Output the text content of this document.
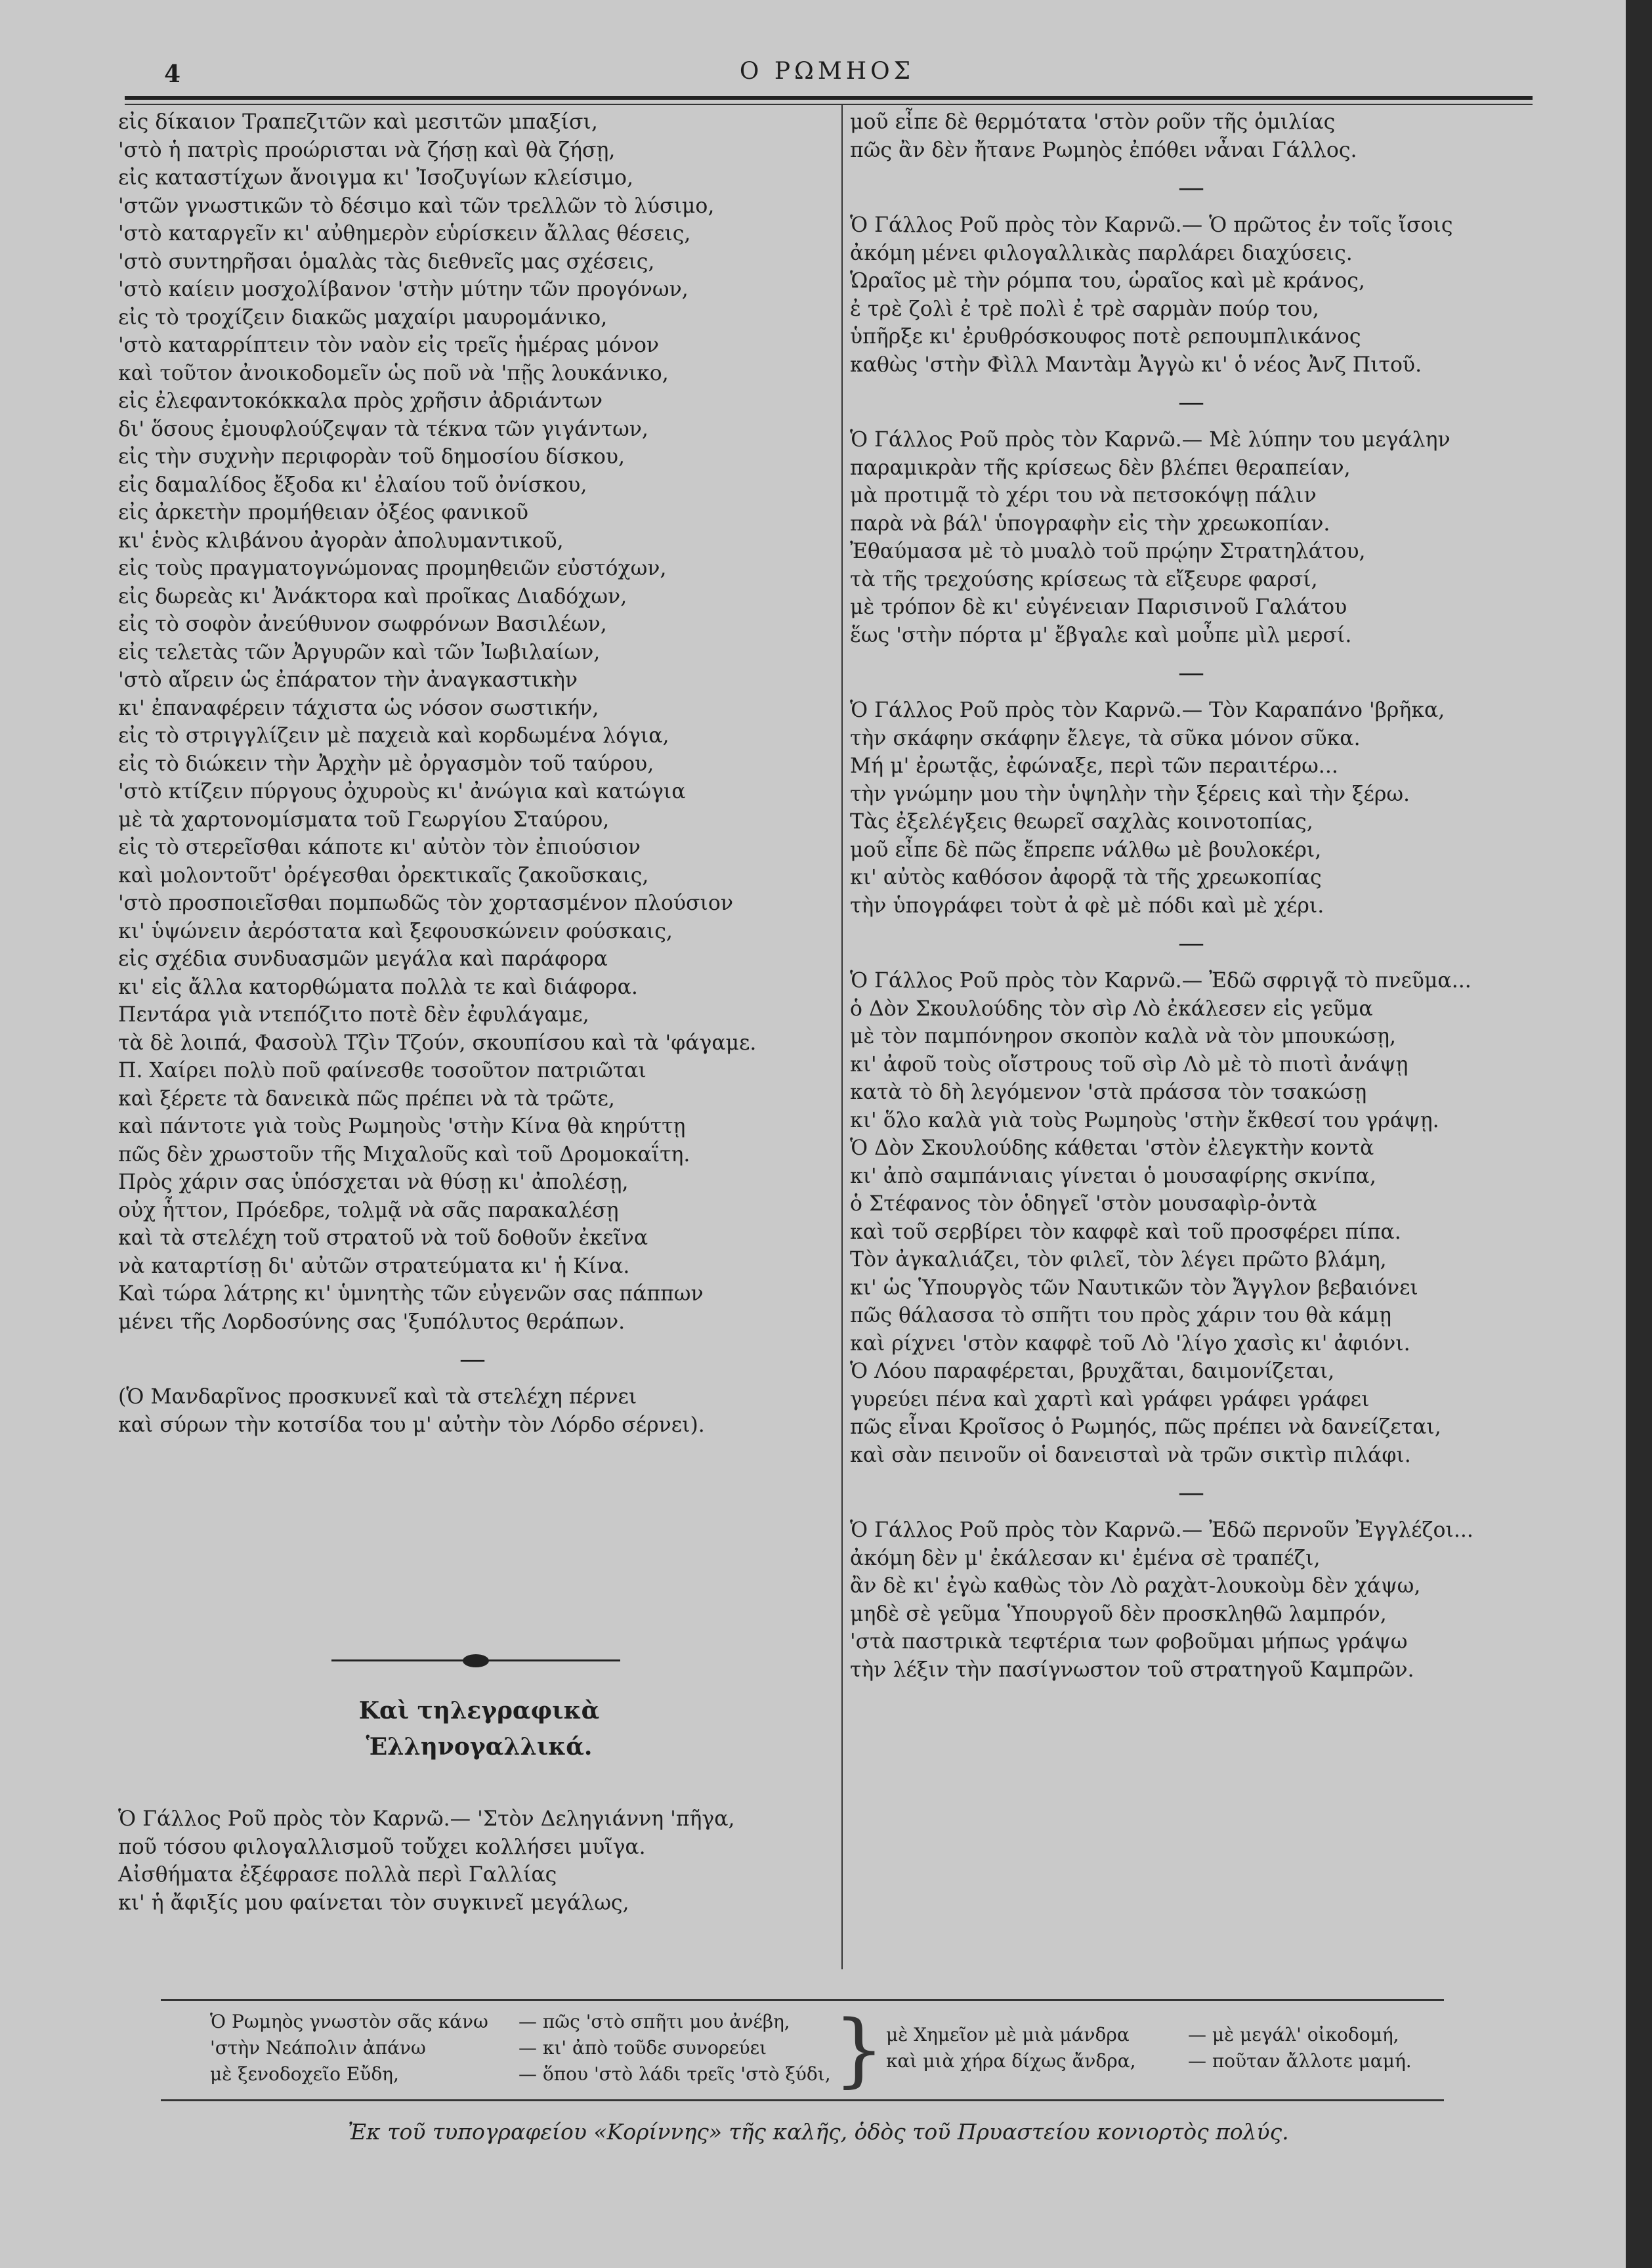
4	Ο ΡΩΜΗΟΣ
εἰς δίκαιον Τραπεζιτῶν καὶ μεσιτῶν μπαξίσι,
'στὸ ἡ πατρὶς προώρισται νὰ ζήσῃ καὶ θὰ ζήσῃ,
εἰς καταστίχων ἄνοιγμα κι' Ἰσοζυγίων κλείσιμο,
'στῶν γνωστικῶν τὸ δέσιμο καὶ τῶν τρελλῶν τὸ λύσιμο,
'στὸ καταργεῖν κι' αὐθημερὸν εὑρίσκειν ἄλλας θέσεις,
'στὸ συντηρῆσαι ὁμαλὰς τὰς διεθνεῖς μας σχέσεις,
'στὸ καίειν μοσχολίβανον 'στὴν μύτην τῶν προγόνων,
εἰς τὸ τροχίζειν διακῶς μαχαίρι μαυρομάνικο,
'στὸ καταρρίπτειν τὸν ναὸν εἰς τρεῖς ἡμέρας μόνον
καὶ τοῦτον ἀνοικοδομεῖν ὡς ποῦ νὰ 'πῇς λουκάνικο,
εἰς ἐλεφαντοκόκκαλα πρὸς χρῆσιν ἀδριάντων
δι' ὅσους ἐμουφλούζεψαν τὰ τέκνα τῶν γιγάντων,
εἰς τὴν συχνὴν περιφορὰν τοῦ δημοσίου δίσκου,
εἰς δαμαλίδος ἔξοδα κι' ἐλαίου τοῦ ὀνίσκου,
εἰς ἀρκετὴν προμήθειαν ὀξέος φανικοῦ
κι' ἑνὸς κλιβάνου ἀγορὰν ἀπολυμαντικοῦ,
εἰς τοὺς πραγματογνώμονας προμηθειῶν εὐστόχων,
εἰς δωρεὰς κι' Ἀνάκτορα καὶ προῖκας Διαδόχων,
εἰς τὸ σοφὸν ἀνεύθυνον σωφρόνων Βασιλέων,
εἰς τελετὰς τῶν Ἀργυρῶν καὶ τῶν Ἰωβιλαίων,
'στὸ αἴρειν ὡς ἐπάρατον τὴν ἀναγκαστικὴν
κι' ἐπαναφέρειν τάχιστα ὡς νόσον σωστικήν,
εἰς τὸ στριγγλίζειν μὲ παχειὰ καὶ κορδωμένα λόγια,
εἰς τὸ διώκειν τὴν Ἀρχὴν μὲ ὀργασμὸν τοῦ ταύρου,
'στὸ κτίζειν πύργους ὀχυροὺς κι' ἀνώγια καὶ κατώγια
μὲ τὰ χαρτονομίσματα τοῦ Γεωργίου Σταύρου,
εἰς τὸ στερεῖσθαι κάποτε κι' αὐτὸν τὸν ἐπιούσιον
καὶ μολοντοῦτ' ὀρέγεσθαι ὀρεκτικαῖς ζακοῦσκαις,
'στὸ προσποιεῖσθαι πομπωδῶς τὸν χορτασμένον πλούσιον
κι' ὑψώνειν ἀερόστατα καὶ ξεφουσκώνειν φούσκαις,
εἰς σχέδια συνδυασμῶν μεγάλα καὶ παράφορα
κι' εἰς ἄλλα κατορθώματα πολλὰ τε καὶ διάφορα.
Πεντάρα γιὰ ντεπόζιτο ποτὲ δὲν ἐφυλάγαμε,
τὰ δὲ λοιπά, Φασοὺλ Τζὶν Τζούν, σκουπίσου καὶ τὰ 'φάγαμε.
Π. Χαίρει πολὺ ποῦ φαίνεσθε τοσοῦτον πατριῶται
καὶ ξέρετε τὰ δανεικὰ πῶς πρέπει νὰ τὰ τρῶτε,
καὶ πάντοτε γιὰ τοὺς Ρωμηοὺς 'στὴν Κίνα θὰ κηρύττῃ
πῶς δὲν χρωστοῦν τῆς Μιχαλοῦς καὶ τοῦ Δρομοκαΐτη.
Πρὸς χάριν σας ὑπόσχεται νὰ θύσῃ κι' ἀπολέσῃ,
οὐχ ἧττον, Πρόεδρε, τολμᾷ νὰ σᾶς παρακαλέσῃ
καὶ τὰ στελέχη τοῦ στρατοῦ νὰ τοῦ δοθοῦν ἐκεῖνα
νὰ καταρτίσῃ δι' αὐτῶν στρατεύματα κι' ἡ Κίνα.
Καὶ τώρα λάτρης κι' ὑμνητὴς τῶν εὐγενῶν σας πάππων
μένει τῆς Λορδοσύνης σας 'ξυπόλυτος θεράπων.
—
(Ὁ Μανδαρῖνος προσκυνεῖ καὶ τὰ στελέχη πέρνει
καὶ σύρων τὴν κοτσίδα του μ' αὐτὴν τὸν Λόρδο σέρνει).
Καὶ τηλεγραφικὰ
Ἑλληνογαλλικά.
Ὁ Γάλλος Ροῦ πρὸς τὸν Καρνῶ.— 'Στὸν Δεληγιάννη 'πῆγα,
ποῦ τόσου φιλογαλλισμοῦ τοὔχει κολλήσει μυῖγα.
Αἰσθήματα ἐξέφρασε πολλὰ περὶ Γαλλίας
κι' ἡ ἄφιξίς μου φαίνεται τὸν συγκινεῖ μεγάλως,
μοῦ εἶπε δὲ θερμότατα 'στὸν ροῦν τῆς ὁμιλίας
πῶς ἂν δὲν ἤτανε Ρωμηὸς ἐπόθει νἆναι Γάλλος.
—
Ὁ Γάλλος Ροῦ πρὸς τὸν Καρνῶ.— Ὁ πρῶτος ἐν τοῖς ἴσοις
ἀκόμη μένει φιλογαλλικὰς παρλάρει διαχύσεις.
Ὡραῖος μὲ τὴν ρόμπα του, ὡραῖος καὶ μὲ κράνος,
ἐ τρὲ ζολὶ ἐ τρὲ πολὶ ἐ τρὲ σαρμὰν πούρ του,
ὑπῆρξε κι' ἐρυθρόσκουφος ποτὲ ρεπουμπλικάνος
καθὼς 'στὴν Φὶλλ Μαντὰμ Ἀγγὼ κι' ὁ νέος Ἀνζ Πιτοῦ.
—
Ὁ Γάλλος Ροῦ πρὸς τὸν Καρνῶ.— Μὲ λύπην του μεγάλην
παραμικρὰν τῆς κρίσεως δὲν βλέπει θεραπείαν,
μὰ προτιμᾷ τὸ χέρι του νὰ πετσοκόψῃ πάλιν
παρὰ νὰ βάλ' ὑπογραφὴν εἰς τὴν χρεωκοπίαν.
Ἐθαύμασα μὲ τὸ μυαλὸ τοῦ πρῴην Στρατηλάτου,
τὰ τῆς τρεχούσης κρίσεως τὰ εἴξευρε φαρσί,
μὲ τρόπον δὲ κι' εὐγένειαν Παρισινοῦ Γαλάτου
ἕως 'στὴν πόρτα μ' ἔβγαλε καὶ μοὖπε μὶλ μερσί.
—
Ὁ Γάλλος Ροῦ πρὸς τὸν Καρνῶ.— Τὸν Καραπάνο 'βρῆκα,
τὴν σκάφην σκάφην ἔλεγε, τὰ σῦκα μόνον σῦκα.
Μή μ' ἐρωτᾷς, ἐφώναξε, περὶ τῶν περαιτέρω...
τὴν γνώμην μου τὴν ὑψηλὴν τὴν ξέρεις καὶ τὴν ξέρω.
Τὰς ἐξελέγξεις θεωρεῖ σαχλὰς κοινοτοπίας,
μοῦ εἶπε δὲ πῶς ἔπρεπε νάλθω μὲ βουλοκέρι,
κι' αὐτὸς καθόσον ἀφορᾷ τὰ τῆς χρεωκοπίας
τὴν ὑπογράφει τοὺτ ἀ φὲ μὲ πόδι καὶ μὲ χέρι.
—
Ὁ Γάλλος Ροῦ πρὸς τὸν Καρνῶ.— Ἐδῶ σφριγᾷ τὸ πνεῦμα...
ὁ Δὸν Σκουλούδης τὸν σὶρ Λὸ ἐκάλεσεν εἰς γεῦμα
μὲ τὸν παμπόνηρον σκοπὸν καλὰ νὰ τὸν μπουκώσῃ,
κι' ἀφοῦ τοὺς οἴστρους τοῦ σὶρ Λὸ μὲ τὸ πιοτὶ ἀνάψῃ
κατὰ τὸ δὴ λεγόμενον 'στὰ πράσσα τὸν τσακώσῃ
κι' ὅλο καλὰ γιὰ τοὺς Ρωμηοὺς 'στὴν ἔκθεσί του γράψῃ.
Ὁ Δὸν Σκουλούδης κάθεται 'στὸν ἐλεγκτὴν κοντὰ
κι' ἀπὸ σαμπάνιαις γίνεται ὁ μουσαφίρης σκνίπα,
ὁ Στέφανος τὸν ὁδηγεῖ 'στὸν μουσαφὶρ-ὀντὰ
καὶ τοῦ σερβίρει τὸν καφφὲ καὶ τοῦ προσφέρει πίπα.
Τὸν ἀγκαλιάζει, τὸν φιλεῖ, τὸν λέγει πρῶτο βλάμη,
κι' ὡς Ὑπουργὸς τῶν Ναυτικῶν τὸν Ἄγγλον βεβαιόνει
πῶς θάλασσα τὸ σπῆτι του πρὸς χάριν του θὰ κάμῃ
καὶ ρίχνει 'στὸν καφφὲ τοῦ Λὸ 'λίγο χασὶς κι' ἀφιόνι.
Ὁ Λόου παραφέρεται, βρυχᾶται, δαιμονίζεται,
γυρεύει πένα καὶ χαρτὶ καὶ γράφει γράφει γράφει
πῶς εἶναι Κροῖσος ὁ Ρωμηός, πῶς πρέπει νὰ δανείζεται,
καὶ σὰν πεινοῦν οἱ δανεισταὶ νὰ τρῶν σικτὶρ πιλάφι.
—
Ὁ Γάλλος Ροῦ πρὸς τὸν Καρνῶ.— Ἐδῶ περνοῦν Ἐγγλέζοι...
ἀκόμη δὲν μ' ἐκάλεσαν κι' ἐμένα σὲ τραπέζι,
ἂν δὲ κι' ἐγὼ καθὼς τὸν Λὸ ραχὰτ-λουκοὺμ δὲν χάψω,
μηδὲ σὲ γεῦμα Ὑπουργοῦ δὲν προσκληθῶ λαμπρόν,
'στὰ παστρικὰ τεφτέρια των φοβοῦμαι μήπως γράψω
τὴν λέξιν τὴν πασίγνωστον τοῦ στρατηγοῦ Καμπρῶν.
}
Ὁ Ρωμηὸς γνωστὸν σᾶς κάνω — πῶς 'στὸ σπῆτι μου ἀνέβη,
'στὴν Νεάπολιν ἀπάνω	— κι' ἀπὸ τοῦδε συνορεύει
μὲ ξενοδοχεῖο Εὔδη,	— ὅπου 'στὸ λάδι τρεῖς 'στὸ ξύδι,
μὲ Χημεῖον μὲ μιὰ μάνδρα	— μὲ μεγάλ' οἰκοδομή,
καὶ μιὰ χήρα δίχως ἄνδρα,	— ποῦταν ἄλλοτε μαμή.
Ἐκ τοῦ τυπογραφείου «Κορίννης» τῆς καλῆς, ὁδὸς τοῦ Πρυαστείου κονιορτὸς πολύς.
